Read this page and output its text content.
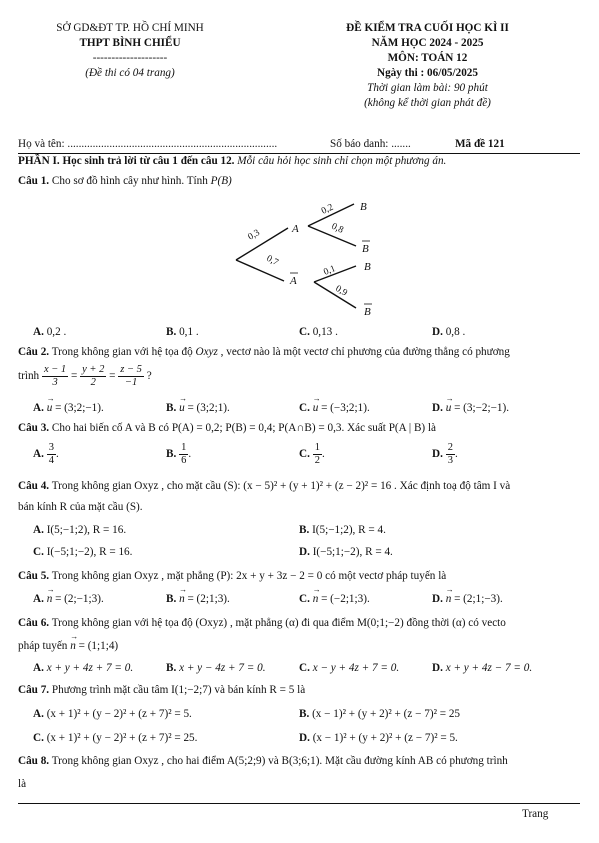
SỞ GD&ĐT TP. HỒ CHÍ MINH
THPT BÌNH CHIỂU
--------------------
(Đề thi có 04 trang)
ĐỀ KIỂM TRA CUỐI HỌC KÌ II
NĂM HỌC 2024 - 2025
MÔN: TOÁN 12
Ngày thi : 06/05/2025
Thời gian làm bài: 90 phút
(không kể thời gian phát đề)
Họ và tên: ...........................................................................	Số báo danh: .......	Mã đề 121
PHẦN I. Học sinh trả lời từ câu 1 đến câu 12. Mỗi câu hỏi học sinh chỉ chọn một phương án.
Câu 1. Cho sơ đồ hình cây như hình. Tính P(B)
0,3
0,7
0,2
0,8
0,1
0,9
A
A
B
B
B
B
A. 0,2 .	B. 0,1 .	C. 0,13 .	D. 0,8 .
Câu 2. Trong không gian với hệ tọa độ Oxyz , vectơ nào là một vectơ chỉ phương của đường thẳng có phương
trình $\frac{x - 1}{3} = \frac{y + 2}{2} = \frac{z - 5}{-1}$ ?
A. → u = (3;2;−1).	B. → u = (3;2;1).	C. → u = (−3;2;1).	D. → u = (3;−2;−1).
Câu 3. Cho hai biến cố A và B có P(A) = 0,2; P(B) = 0,4; P(A∩B) = 0,3. Xác suất P(A | B) là
A. $\frac{3}{4}$ .	B. $\frac{1}{6}$ .	C. $\frac{1}{2}$ .	D. $\frac{2}{3}$ .
Câu 4. Trong không gian Oxyz , cho mặt cầu (S): (x − 5)² + (y + 1)² + (z − 2)² = 16 . Xác định toạ độ tâm I và
bán kính R của mặt cầu (S).
A. I(5;−1;2), R = 16.	B. I(5;−1;2), R = 4.
C. I(−5;1;−2), R = 16.	D. I(−5;1;−2), R = 4.
Câu 5. Trong không gian Oxyz , mặt phẳng (P): 2x + y + 3z − 2 = 0 có một vectơ pháp tuyến là
A. → n = (2;−1;3).	B. → n = (2;1;3).	C. → n = (−2;1;3).	D. → n = (2;1;−3).
Câu 6. Trong không gian với hệ tọa độ (Oxyz) , mặt phẳng (α) đi qua điểm M(0;1;−2) đồng thời (α) có vecto
pháp tuyến → n = (1;1;4)
A. x + y + 4z + 7 = 0.	B. x + y − 4z + 7 = 0.	C. x − y + 4z + 7 = 0.	D. x + y + 4z − 7 = 0.
Câu 7. Phương trình mặt cầu tâm I(1;−2;7) và bán kính R = 5 là
A. (x + 1)² + (y − 2)² + (z + 7)² = 5.	B. (x − 1)² + (y + 2)² + (z − 7)² = 25
C. (x + 1)² + (y − 2)² + (z + 7)² = 25.	D. (x − 1)² + (y + 2)² + (z − 7)² = 5.
Câu 8. Trong không gian Oxyz , cho hai điểm A(5;2;9) và B(3;6;1). Mặt cầu đường kính AB có phương trình
là
Trang
